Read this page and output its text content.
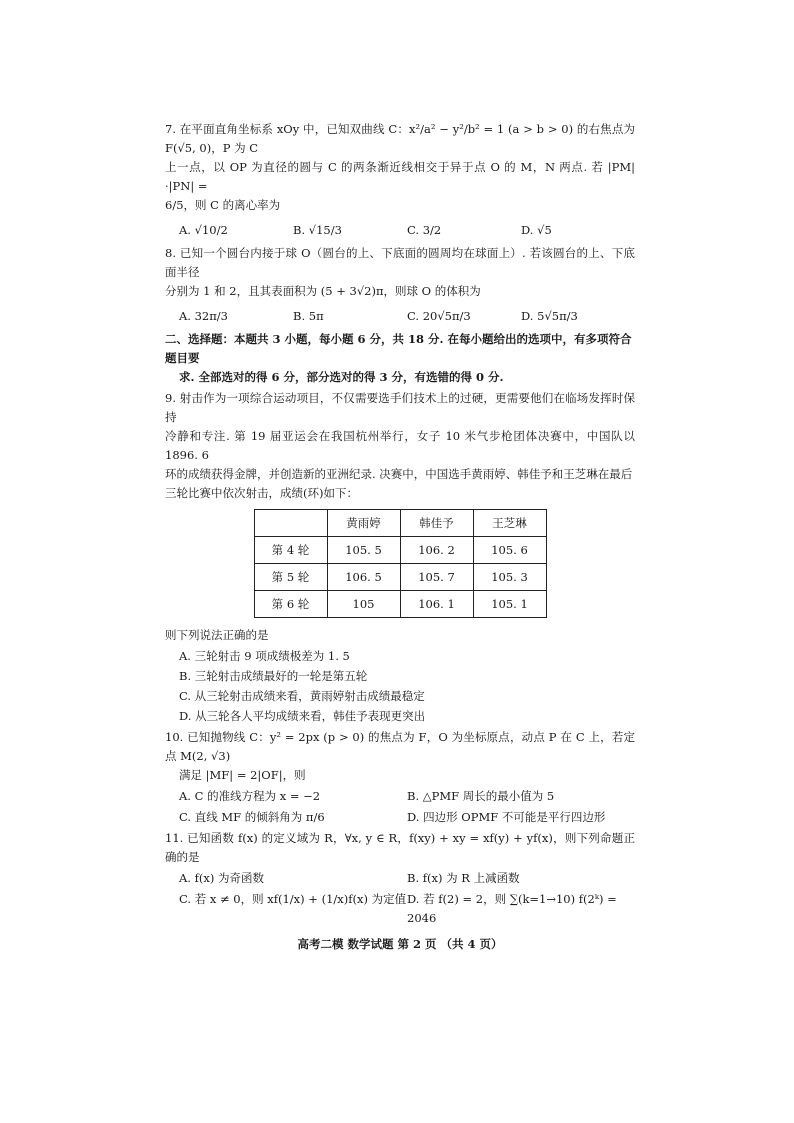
7. 在平面直角坐标系 xOy 中，已知双曲线 C：x²/a² − y²/b² = 1 (a > b > 0) 的右焦点为 F(√5, 0)，P 为 C
上一点，以 OP 为直径的圆与 C 的两条渐近线相交于异于点 O 的 M，N 两点. 若 |PM|·|PN| =
6/5，则 C 的离心率为
A. √10/2	B. √15/3	C. 3/2	D. √5
8. 已知一个圆台内接于球 O（圆台的上、下底面的圆周均在球面上）. 若该圆台的上、下底面半径
分别为 1 和 2，且其表面积为 (5 + 3√2)π，则球 O 的体积为
A. 32π/3	B. 5π	C. 20√5π/3	D. 5√5π/3
二、选择题：本题共 3 小题，每小题 6 分，共 18 分. 在每小题给出的选项中，有多项符合题目要
求. 全部选对的得 6 分，部分选对的得 3 分，有选错的得 0 分.
9. 射击作为一项综合运动项目，不仅需要选手们技术上的过硬，更需要他们在临场发挥时保持
冷静和专注. 第 19 届亚运会在我国杭州举行，女子 10 米气步枪团体决赛中，中国队以 1896. 6
环的成绩获得金牌，并创造新的亚洲纪录. 决赛中，中国选手黄雨婷、韩佳予和王芝琳在最后
三轮比赛中依次射击，成绩(环)如下：
	黄雨婷	韩佳予	王芝琳
第 4 轮	105. 5	106. 2	105. 6
第 5 轮	106. 5	105. 7	105. 3
第 6 轮	105	106. 1	105. 1
则下列说法正确的是
A. 三轮射击 9 项成绩极差为 1. 5
B. 三轮射击成绩最好的一轮是第五轮
C. 从三轮射击成绩来看，黄雨婷射击成绩最稳定
D. 从三轮各人平均成绩来看，韩佳予表现更突出
10. 已知抛物线 C：y² = 2px (p > 0) 的焦点为 F，O 为坐标原点，动点 P 在 C 上，若定点 M(2, √3)
满足 |MF| = 2|OF|，则
A. C 的准线方程为 x = −2	B. △PMF 周长的最小值为 5
C. 直线 MF 的倾斜角为 π/6	D. 四边形 OPMF 不可能是平行四边形
11. 已知函数 f(x) 的定义域为 R，∀x, y ∈ R，f(xy) + xy = xf(y) + yf(x)，则下列命题正确的是
A. f(x) 为奇函数	B. f(x) 为 R 上减函数
C. 若 x ≠ 0，则 xf(1/x) + (1/x)f(x) 为定值 D. 若 f(2) = 2，则 ∑(k=1→10) f(2ᵏ) = 2046
高考二模 数学试题 第 2 页 （共 4 页）
